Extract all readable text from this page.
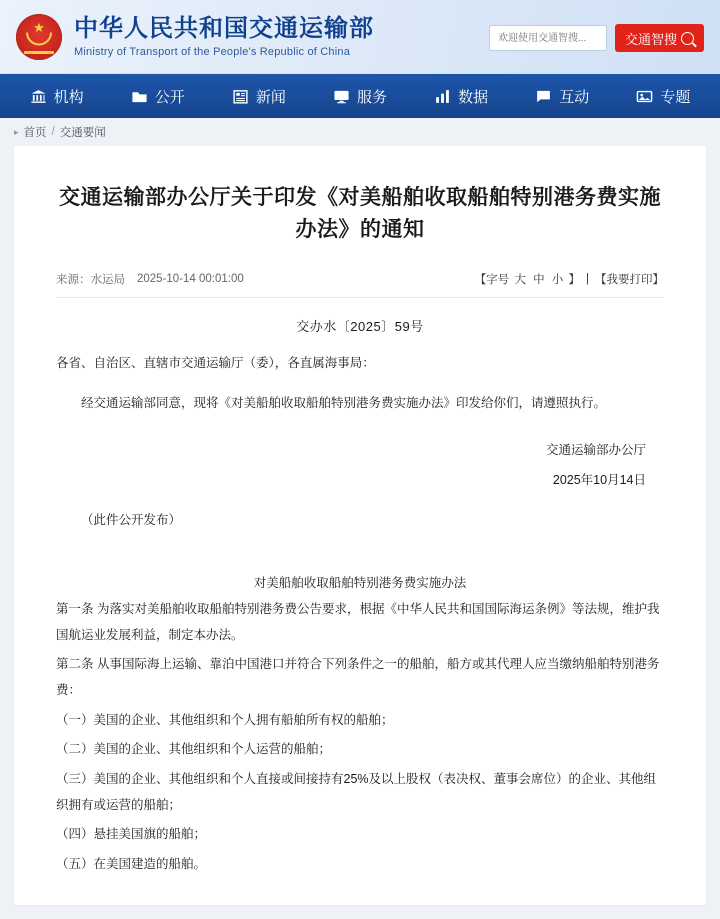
★ 中华人民共和国交通运输部
Ministry of Transport of the People's Republic of China
欢迎使用交通智搜...
交通智搜
机构	公开	新闻	服务	数据	互动	专题
▸ 首页 / 交通要闻
交通运输部办公厅关于印发《对美船舶收取船舶特别港务费实施办法》的通知
来源：水运局 2025-10-14 00:01:00	【字号 大 中 小 】 | 【我要打印】
交办水〔2025〕59号

各省、自治区、直辖市交通运输厅（委），各直属海事局：

经交通运输部同意，现将《对美船舶收取船舶特别港务费实施办法》印发给你们，请遵照执行。

交通运输部办公厅

2025年10月14日

（此件公开发布）

对美船舶收取船舶特别港务费实施办法

第一条 为落实对美船舶收取船舶特别港务费公告要求，根据《中华人民共和国国际海运条例》等法规，维护我国航运业发展利益，制定本办法。

第二条 从事国际海上运输、靠泊中国港口并符合下列条件之一的船舶，船方或其代理人应当缴纳船舶特别港务费：

（一）美国的企业、其他组织和个人拥有船舶所有权的船舶；

（二）美国的企业、其他组织和个人运营的船舶；

（三）美国的企业、其他组织和个人直接或间接持有25%及以上股权（表决权、董事会席位）的企业、其他组织拥有或运营的船舶；

（四）悬挂美国旗的船舶；

（五）在美国建造的船舶。
